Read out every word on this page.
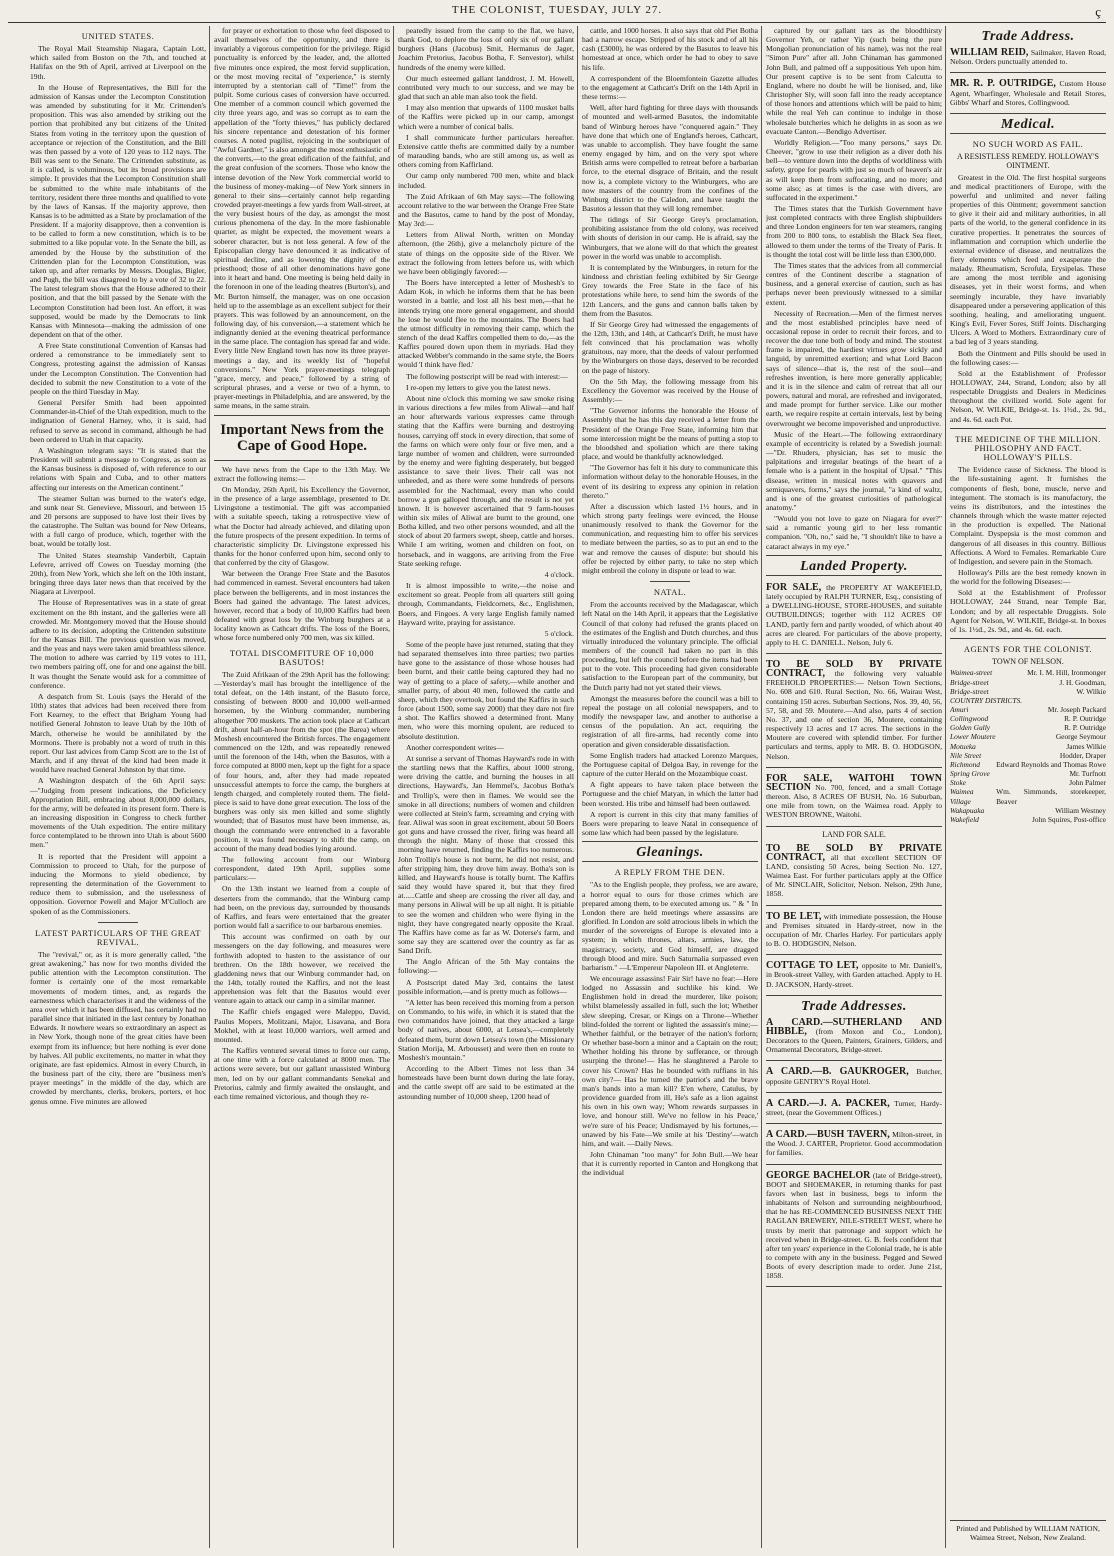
THE COLONIST, TUESDAY, JULY 27.	ç

UNITED STATES.

The Royal Mail Steamship Niagara, Captain Lott, which sailed from Boston on the 7th, and touched at Halifax on the 9th of April, arrived at Liverpool on the 19th.

In the House of Representatives, the Bill for the admission of Kansas under the Lecompton Constitution was amended by substituting for it Mr. Crittenden's proposition. This was also amended by striking out the portion that prohibited any but citizens of the United States from voting in the territory upon the question of acceptance or rejection of the Constitution, and the Bill was then passed by a vote of 120 yeas to 112 nays. The Bill was sent to the Senate. The Crittenden substitute, as it is called, is voluminous, but its broad provisions are simple. It provides that the Lecompton Constitution shall be submitted to the white male inhabitants of the territory, resident there three months and qualified to vote by the laws of Kansas. If the majority approve, then Kansas is to be admitted as a State by proclamation of the President. If a majority disapprove, then a convention is to be called to form a new constitution, which is to be submitted to a like popular vote. In the Senate the bill, as amended by the House by the substitution of the Crittenden plan for the Lecompton Constitution, was taken up, and after remarks by Messrs. Douglas, Bigler, and Pugh, the bill was disagreed to by a vote of 32 to 22. The latest telegram shows that the House adhered to their position, and that the bill passed by the Senate with the Lecompton Constitution had been lost. An effort, it was supposed, would be made by the Democrats to link Kansas with Minnesota—making the admission of one dependent on that of the other.

A Free State constitutional Convention of Kansas had ordered a remonstrance to be immediately sent to Congress, protesting against the admission of Kansas under the Lecompton Constitution. The Convention had decided to submit the new Constitution to a vote of the people on the third Tuesday in May.

General Persifer Smith had been appointed Commander-in-Chief of the Utah expedition, much to the indignation of General Harney, who, it is said, had refused to serve as second in command, although he had been ordered to Utah in that capacity.

A Washington telegram says: "It is stated that the President will submit a message to Congress, as soon as the Kansas business is disposed of, with reference to our relations with Spain and Cuba, and to other matters affecting our interests on the American continent."

The steamer Sultan was burned to the water's edge, and sunk near St. Genevieve, Missouri, and between 15 and 20 persons are supposed to have lost their lives by the catastrophe. The Sultan was bound for New Orleans, with a full cargo of produce, which, together with the boat, would be totally lost.

The United States steamship Vanderbilt, Captain Lefevre, arrived off Cowes on Tuesday morning (the 20th), from New York, which she left on the 10th instant, bringing three days later news than that received by the Niagara at Liverpool.

The House of Representatives was in a state of great excitement on the 8th instant, and the galleries were all crowded. Mr. Montgomery moved that the House should adhere to its decision, adopting the Crittenden substitute for the Kansas Bill. The previous question was moved, and the yeas and nays were taken amid breathless silence. The motion to adhere was carried by 119 votes to 111, two members pairing off, one for and one against the bill. It was thought the Senate would ask for a committee of conference.

A despatch from St. Louis (says the Herald of the 10th) states that advices had been received there from Fort Kearney, to the effect that Brigham Young had notified General Johnston to leave Utah by the 10th of March, otherwise he would be annihilated by the Mormons. There is probably not a word of truth in this report. Our last advices from Camp Scott are to the 1st of March, and if any threat of the kind had been made it would have reached General Johnston by that time.

A Washington despatch of the 6th April says:—"Judging from present indications, the Deficiency Appropriation Bill, embracing about 8,000,000 dollars, for the army, will be defeated in its present form. There is an increasing disposition in Congress to check further movements of the Utah expedition. The entire military force contemplated to be thrown into Utah is about 5600 men."

It is reported that the President will appoint a Commission to proceed to Utah, for the purpose of inducing the Mormons to yield obedience, by representing the determination of the Government to reduce them to submission, and the uselessness of opposition. Governor Powell and Major M'Culloch are spoken of as the Commissioners.

LATEST PARTICULARS OF THE GREAT REVIVAL.

The "revival," or, as it is more generally called, "the great awakening," has now for two months divided the public attention with the Lecompton constitution. The former is certainly one of the most remarkable movements of modern times, and, as regards the earnestness which characterises it and the wideness of the area over which it has been diffused, has certainly had no parallel since that initiated in the last century by Jonathan Edwards. It nowhere wears so extraordinary an aspect as in New York, though none of the great cities have been exempt from its influence; but here nothing is ever done by halves. All public excitements, no matter in what they originate, are fast epidemics. Almost in every Church, in the business part of the city, there are "business men's prayer meetings" in the middle of the day, which are crowded by merchants, clerks, brokers, porters, et hoc genus omne. Five minutes are allowed

for prayer or exhortation to those who feel disposed to avail themselves of the opportunity, and there is invariably a vigorous competition for the privilege. Rigid punctuality is enforced by the leader, and, the allotted five minutes once expired, the most fervid supplication, or the most moving recital of "experience," is sternly interrupted by a stentorian call of "Time!" from the pulpit. Some curious cases of conversion have occurred. One member of a common council which governed the city three years ago, and was so corrupt as to earn the appellation of the "forty thieves," has publicly declared his sincere repentance and detestation of his former courses. A noted pugilist, rejoicing in the soubriquet of "Awful Gardner," is also amongst the most enthusiastic of the converts,—to the great edification of the faithful, and the great confusion of the scorners. Those who know the intense devotion of the New York commercial world to the business of money-making—of New York sinners in general to their sins—certainly cannot help regarding crowded prayer-meetings a few yards from Wall-street, at the very busiest hours of the day, as amongst the most curious phenomena of the day. In the more fashionable quarter, as might be expected, the movement wears a soberer character, but is not less general. A few of the Episcopalian clergy have denounced it as indicative of spiritual decline, and as lowering the dignity of the priesthood; those of all other denominations have gone into it heart and hand. One meeting is being held daily in the forenoon in one of the leading theatres (Burton's), and Mr. Burton himself, the manager, was on one occasion held up to the assemblage as an excellent subject for their prayers. This was followed by an announcement, on the following day, of his conversion,—a statement which he indignantly denied at the evening theatrical performance in the same place. The contagion has spread far and wide. Every little New England town has now its three prayer-meetings a day, and its weekly list of "hopeful conversions." New York prayer-meetings telegraph "grace, mercy, and peace," followed by a string of scriptural phrases, and a verse or two of a hymn, to prayer-meetings in Philadelphia, and are answered, by the same means, in the same strain.

Important News from the Cape of Good Hope.

We have news from the Cape to the 13th May. We extract the following items:—

On Monday, 26th April, his Excellency the Governor, in the presence of a large assemblage, presented to Dr. Livingstone a testimonial. The gift was accompanied with a suitable speech, taking a retrospective view of what the Doctor had already achieved, and dilating upon the future prospects of the present expedition. In terms of characteristic simplicity Dr. Livingstone expressed his thanks for the honor conferred upon him, second only to that conferred by the city of Glasgow.

War between the Orange Free State and the Basutos had commenced in earnest. Several encounters had taken place between the belligerents, and in most instances the Boers had gained the advantage. The latest advices, however, record that a body of 10,000 Kaffirs had been defeated with great loss by the Winburg burghers at a locality known as Cathcart drifts. The loss of the Boers, whose force numbered only 700 men, was six killed.

TOTAL DISCOMFITURE OF 10,000 BASUTOS!

The Zuid Afrikaan of the 29th April has the following:—Yesterday's mail has brought the intelligence of the total defeat, on the 14th instant, of the Basuto force, consisting of between 8000 and 10,000 well-armed horsemen, by the Winburg commander, numbering altogether 700 muskets. The action took place at Cathcart drift, about half-an-hour from the spot (the Barea) where Moshesh encountered the British forces. The engagement commenced on the 12th, and was repeatedly renewed until the forenoon of the 14th, when the Basutos, with a force computed at 8000 men, kept up the fight for a space of four hours, and, after they had made repeated unsuccessful attempts to force the camp, the burghers at length charged, and completely routed them. The field-piece is said to have done great execution. The loss of the burghers was only six men killed and some slightly wounded; that of Basutos must have been immense, as, though the commando were entrenched in a favorable position, it was found necessary to shift the camp, on account of the many dead bodies lying around.

The following account from our Winburg correspondent, dated 19th April, supplies some particulars:—

On the 13th instant we learned from a couple of deserters from the commando, that the Winburg camp had been, on the previous day, surrounded by thousands of Kaffirs, and fears were entertained that the greater portion would fall a sacrifice to our barbarous enemies.

This account was confirmed on oath by our messengers on the day following, and measures were forthwith adopted to hasten to the assistance of our brethren. On the 18th however, we received the gladdening news that our Winburg commander had, on the 14th, totally routed the Kaffirs, and not the least apprehension was felt that the Basutos would ever venture again to attack our camp in a similar manner.

The Kaffir chiefs engaged were Maleppo, David, Paulus Mopers, Molitzani, Major, Lisavana, and Bora Mokhel, with at least 10,000 warriors, well armed and mounted.

The Kaffirs ventured several times to force our camp, at one time with a force calculated at 8000 men. The actions were severe, but our gallant unassisted Winburg men, led on by our gallant commandants Senekal and Pretorius, calmly and firmly awaited the onslaught, and each time remained victorious, and though they re-

peatedly issued from the camp to the flat, we have, thank God, to deplore the loss of only six of our gallant burghers (Hans (Jacobus) Smit, Hermanus de Jager, Joachim Pretorius, Jacobus Botha, F. Senvestor), whilst hundreds of the enemy were killed.

Our much esteemed gallant landdrost, J. M. Howell, contributed very much to our success, and we may be glad that such an able man also took the field.

I may also mention that upwards of 1100 musket balls of the Kaffirs were picked up in our camp, amongst which were a number of conical balls.

I shall communicate further particulars hereafter. Extensive cattle thefts are committed daily by a number of marauding bands, who are still among us, as well as others coming from Kaffirland.

Our camp only numbered 700 men, white and black included.

The Zuid Afrikaan of 6th May says:—The following account relative to the war between the Orange Free State and the Basutos, came to hand by the post of Monday, May 3rd:—

Letters from Aliwal North, written on Monday afternoon, (the 26th), give a melancholy picture of the state of things on the opposite side of the River. We extract the following from letters before us, with which we have been obligingly favored:—

The Boers have intercepted a letter of Moshesh's to Adam Kok, in which he informs them that he has been worsted in a battle, and lost all his best men,—that he intends trying one more general engagement, and should he lose he would flee to the mountains. The Boers had the utmost difficulty in removing their camp, which the stench of the dead Kaffirs compelled them to do,—as the Kaffirs poured down upon them in myriads. Had they attacked Webber's commando in the same style, the Boers would 'I think have fled.'

The following postscript will be read with interest:—

I re-open my letters to give you the latest news.

About nine o'clock this morning we saw smoke rising in various directions a few miles from Aliwal—and half an hour afterwards various expresses came through stating that the Kaffirs were burning and destroying houses, carrying off stock in every direction, that some of the farms on which were only four or five men, and a large number of women and children, were surrounded by the enemy and were fighting desperately, but begged assistance to save their lives. Their call was not unheeded, and as there were some hundreds of persons assembled for the Nachtmaal, every man who could borrow a gun galloped through, and the result is not yet known. It is however ascertained that 9 farm-houses within six miles of Aliwal are burnt to the ground, one Botha killed, and two other persons wounded, and all the stock of about 20 farmers swept, sheep, cattle and horses. While I am writing, women and children on foot, on horseback, and in waggons, are arriving from the Free State seeking refuge.

4 o'clock.

It is almost impossible to write,—the noise and excitement so great. People from all quarters still going through, Commandants, Fieldcornets, &c., Englishmen, Boers, and Fingoes. A very large English family named Hayward write, praying for assistance.

5 o'clock.

Some of the people have just returned, stating that they had separated themselves into three parties; two parties have gone to the assistance of those whose houses had been burnt, and their cattle being captured they had no way of getting to a place of safety,—while another and smaller party, of about 40 men, followed the cattle and sheep, which they overtook, but found the Kaffirs in such force (about 1500, some say 2000) that they dare not fire a shot. The Kaffirs showed a determined front. Many men, who were this morning opulent, are reduced to absolute destitution.

Another correspondent writes—

At sunrise a servant of Thomas Hayward's rode in with the startling news that the Kaffirs, about 1000 strong, were driving the cattle, and burning the houses in all directions, Hayward's, Jan Hemmel's, Jacobus Botha's and Trollip's, were then in flames. We would see the smoke in all directions; numbers of women and children were collected at Stein's farm, screaming and crying with fear. Aliwal was soon in great excitement, about 50 Boers got guns and have crossed the river, firing was heard all through the night. Many of those that crossed this morning have returned, finding the Kaffirs too numerous. John Trollip's house is not burnt, he did not resist, and after stripping him, they drove him away. Botha's son is killed, and Hayward's house is totally burnt. The Kaffirs said they would have spared it, but that they fired at......Cattle and sheep are crossing the river all day, and many persons in Aliwal will be up all night. It is pitiable to see the women and children who were flying in the night, they have congregated nearly opposite the Kraal. The Kaffirs have come as far as W. Doterse's farm, and some say they are scattered over the country as far as Sand Drift.

The Anglo African of the 5th May contains the following:—

A Postscript dated May 3rd, contains the latest possible information,—and is pretty much as follows—

"A letter has been received this morning from a person on Commando, to his wife, in which it is stated that the two commandos have joined, that they attacked a large body of natives, about 6000, at Letsea's,—completely defeated them, burnt down Letsea's town (the Missionary Station Morija, M. Arbousset) and were then en route to Moshesh's mountain."

According to the Albert Times not less than 34 homesteads have been burnt down during the late foray, and the cattle swept off are said to be estimated at the astounding number of 10,000 sheep, 1200 head of

cattle, and 1000 horses. It also says that old Piet Botha had a narrow escape. Stripped of his stock and of all his cash (£3000), he was ordered by the Basutos to leave his homestead at once, which order he had to obey to save his life.

A correspondent of the Bloemfontein Gazette alludes to the engagement at Cathcart's Drift on the 14th April in these terms:—

Well, after hard fighting for three days with thousands of mounted and well-armed Basutos, the indomitable band of Winburg heroes have "conquered again." They have done that which one of England's heroes, Cathcart, was unable to accomplish. They have fought the same enemy engaged by him, and on the very spot where British arms were compelled to retreat before a barbarian force, to the eternal disgrace of Britain, and the result now is, a complete victory to the Winburgers, who are now masters of the country from the confines of the Winburg district to the Caledon, and have taught the Basutos a lesson that they will long remember.

The tidings of Sir George Grey's proclamation, prohibiting assistance from the old colony, was received with shouts of derision in our camp. He is afraid, say the Winburgers, that we alone will do that which the greatest power in the world was unable to accomplish.

It is contemplated by the Winburgers, in return for the kindness and christian feeling exhibited by Sir George Grey towards the Free State in the face of his protestations while here, to send him the swords of the 12th Lancers, and the guns and cannon balls taken by them from the Basutos.

If Sir George Grey had witnessed the engagements of the 12th, 13th, and 14th, at Cathcart's Drift, he must have felt convinced that his proclamation was wholly gratuitous, nay more, that the deeds of valour performed by the Winburgers on those days, deserved to be recorded on the page of history.

On the 5th May, the following message from his Excellency the Governor was received by the House of Assembly:—

"The Governor informs the honorable the House of Assembly that he has this day received a letter from the President of the Orange Free State, informing him that some intercession might be the means of putting a stop to the bloodshed and spoliation which are there taking place, and would be thankfully acknowledged.

"The Governor has felt it his duty to communicate this information without delay to the honorable Houses, in the event of its desiring to express any opinion in relation thereto."

After a discussion which lasted 1½ hours, and in which strong party feelings were evinced, the House unanimously resolved to thank the Governor for the communication, and requesting him to offer his services to mediate between the parties, so as to put an end to the war and remove the causes of dispute: but should his offer be rejected by either party, to take no step which might embroil the colony in dispute or lead to war.

NATAL.

From the accounts received by the Madagascar, which left Natal on the 14th April, it appears that the Legislative Council of that colony had refused the grants placed on the estimates of the English and Dutch churches, and thus virtually introduced the voluntary principle. The official members of the council had taken no part in this proceeding, but left the council before the items had been put to the vote. This proceeding had given considerable satisfaction to the European part of the community, but the Dutch party had not yet stated their views.

Amongst the measures before the council was a bill to repeal the postage on all colonial newspapers, and to modify the newspaper law, and another to authorise a census of the population. An act, requiring the registration of all fire-arms, had recently come into operation and given considerable dissatisfaction.

Some English traders had attacked Lorenzo Marques, the Portuguese capital of Delgoa Bay, in revenge for the capture of the cutter Herald on the Mozambique coast.

A fight appears to have taken place between the Portuguese and the chief Matyan, in which the latter had been worsted. His tribe and himself had been outlawed.

A report is current in this city that many families of Boers were preparing to leave Natal in consequence of some law which had been passed by the legislature.

Gleanings.

A REPLY FROM THE DEN.

"As to the English people, they profess, we are aware, a horror equal to ours for those crimes which are prepared among them, to be executed among us. " & " In London there are held meetings where assassins are glorified. In London are sold atrocious libels in which the murder of the sovereigns of Europe is elevated into a system; in which thrones, altars, armies, law, the magistracy, society, and God himself, are dragged through blood and mire. Such Saturnalia surpassed even barbarism." —L'Empereur Napoleon III. et Angleterre.

We encourage assassins! Fair Sir! have no fear:—Here lodged no Assassin and suchlike his kind. We Englishmen hold in dread the murderer, like poison; whilst blamelessly assailed in full, such the lot; Whether slew sleeping, Cresar, or Kings on a Throne—Whether blind-folded the torrent or lighted the assassin's mine;— Whether faithful, or the betrayer of the nation's forlorn; Or whether base-born a minor and a Captain on the rout; Whether holding his throne by sufferance, or through usurping the throne!— Has he slaughtered a Parole to cover his Crown? Has he bounded with ruffians in his own city?— Has he turned the patriot's and the brave man's bands into a man kill? E'en where, Catulus, by providence guarded from ill, He's safe as a lion against his own in his own way; Whom rewards surpasses in love, and honour still. We've no fellow in his Peace,' we're sure of his Peace; Undismayed by his fortunes,—unawed by his Fate—We smile at his 'Destiny'—watch him, and wait. —Daily News.

John Chinaman "too many" for John Bull.—We hear that it is currently reported in Canton and Hongkong that the individual

captured by our gallant tars as the bloodthirsty Governor Yeh, or rather Yip (such being the pure Mongolian pronunciation of his name), was not the real "Simon Pure" after all. John Chinaman has gammoned John Bull, and palmed off a suppositious Yeh upon him. Our present captive is to be sent from Calcutta to England, where no doubt he will be lionised, and, like Christopher Sly, will soon fall into the ready acceptance of those honors and attentions which will be paid to him; while the real Yeh can continue to indulge in those wholesale butcheries which he delights in as soon as we evacuate Canton.—Bendigo Advertiser.

Worldly Religion.—"Too many persons," says Dr. Cheever, "grow to use their religion as a diver doth his bell—to venture down into the depths of worldliness with safety, grope for pearls with just so much of heaven's air as will keep them from suffocating, and no more; and some also; as at times is the case with divers, are suffocated in the experiment."

The Times states that the Turkish Government have just completed contracts with three English shipbuilders and three London engineers for ten war steamers, ranging from 200 to 800 tons, to establish the Black Sea fleet, allowed to them under the terms of the Treaty of Paris. It is thought the total cost will be little less than £300,000.

The Times states that the advices from all commercial centres of the Continent describe a stagnation of business, and a general exercise of caution, such as has perhaps never been previously witnessed to a similar extent.

Necessity of Recreation.—Men of the firmest nerves and the most established principles have need of occasional repose in order to recruit their forces, and to recover the due tone both of body and mind. The stoutest frame is impaired, the hardiest virtues grow sickly and languid, by unremitted exertion; and what Lord Bacon says of silence—that is, the rest of the soul—and refreshes invention, is here more generally applicable; and it is in the silence and calm of retreat that all our powers, natural and moral, are refreshed and invigorated, and made prompt for further service. Like our mother earth, we require respite at certain intervals, lest by being overwrought we become impoverished and unproductive.

Music of the Heart.—The following extraordinary example of eccentricity is related by a Swedish journal:—"Dr. Rhuders, physician, has set to music the palpitations and irregular beatings of the heart of a female who is a patient in the hospital of Upsal." "This disease, written in musical notes with quavers and semiquavers, forms," says the journal, "a kind of waltz, and is one of the greatest curiosities of pathological anatomy."

"Would you not love to gaze on Niagara for ever?" said a romantic young girl to her less romantic companion. "Oh, no," said he, "I shouldn't like to have a cataract always in my eye."

Landed Property.

FOR SALE, the PROPERTY AT WAKEFIELD, lately occupied by RALPH TURNER, Esq., consisting of a DWELLING-HOUSE, STORE-HOUSES, and suitable OUTBUILDINGS; together with 112 ACRES OF LAND, partly fern and partly wooded, of which about 40 acres are cleared. For particulars of the above property, apply to H. C. DANIELL. Nelson, July 6.

TO BE SOLD BY PRIVATE CONTRACT, the following very valuable FREEHOLD PROPERTIES:— Nelson Town Sections, No. 608 and 610. Rural Section, No. 66, Wairau West, containing 150 acres. Suburban Sections, Nos. 39, 40, 56, 57, 58, and 59. Moutere.—And also, parts 4 of section No. 37, and one of section 36, Moutere, containing respectively 13 acres and 17 acres. The sections in the Moutere are covered with splendid timber. For further particulars and terms, apply to MR. B. O. HODGSON, Nelson.

FOR SALE, WAITOHI TOWN SECTION No. 700, fenced, and a small Cottage thereon. Also, 8 ACRES OF BUSH, No. 16 Suburban, one mile from town, on the Waimea road. Apply to WESTON BROWNE, Waitohi.

LAND FOR SALE.

TO BE SOLD BY PRIVATE CONTRACT, all that excellent SECTION OF LAND, consisting 50 Acres, being Section No. 127, Waimea East. For further particulars apply at the Office of Mr. SINCLAIR, Solicitor, Nelson. Nelson, 29th June, 1858.

TO BE LET, with immediate possession, the House and Premises situated in Hardy-street, now in the occupation of Mr. Charles Harley. For particulars apply to B. O. HODGSON, Nelson.

COTTAGE TO LET, opposite to Mr. Daniell's, in Brook-street Valley, with Garden attached. Apply to H. D. JACKSON, Hardy-street.

Trade Addresses.

A CARD.—SUTHERLAND AND HIBBLE, (from Moxon and Co., London), Decorators to the Queen, Painters, Grainers, Gilders, and Ornamental Decorators, Bridge-street.

A CARD.—B. GAUKROGER, Butcher, opposite GENTRY'S Royal Hotel.

A CARD.—J. A. PACKER, Turner, Hardy-street, (near the Government Offices.)

A CARD.—BUSH TAVERN, Milton-street, in the Wood. J. CARTER, Proprietor. Good accommodation for families.

GEORGE BACHELOR (late of Bridge-street), BOOT and SHOEMAKER, in returning thanks for past favors when last in business, begs to inform the inhabitants of Nelson and surrounding neighbourhood, that he has RE-COMMENCED BUSINESS NEXT THE RAGLAN BREWERY, NILE-STREET WEST, where he trusts by merit that patronage and support which he received when in Bridge-street. G. B. feels confident that after ten years' experience in the Colonial trade, he is able to compete with any in the business. Pegged and Sewed Boots of every description made to order. June 21st, 1858.

Trade Address.

WILLIAM REID, Sailmaker, Haven Road, Nelson. Orders punctually attended to.

MR. R. P. OUTRIDGE, Custom House Agent, Wharfinger, Wholesale and Retail Stores, Gibbs' Wharf and Stores, Collingwood.

Medical.

NO SUCH WORD AS FAIL.

A RESISTLESS REMEDY. HOLLOWAY'S OINTMENT.

Greatest in the Old. The first hospital surgeons and medical practitioners of Europe, with the powerful and unlimited and never failing properties of this Ointment; government sanction to give it their aid and military authorities, in all parts of the world, to the general confidence in its curative properties. It penetrates the sources of inflammation and corruption which underlie the external evidence of disease, and neutralizes the fiery elements which feed and exasperate the malady. Rheumatism, Scrofula, Erysipelas. These are among the most terrible and agonising diseases, yet in their worst forms, and when seemingly incurable, they have invariably disappeared under a persevering application of this soothing, healing, and ameliorating unguent. King's Evil, Fever Sores, Stiff Joints. Discharging Ulcers. A Word to Mothers. Extraordinary cure of a bad leg of 3 years standing.

Both the Ointment and Pills should be used in the following cases:—

Sold at the Establishment of Professor HOLLOWAY, 244, Strand, London; also by all respectable Druggists and Dealers in Medicines throughout the civilized world. Sole agent for Nelson, W. WILKIE, Bridge-st. 1s. 1½d., 2s. 9d., and 4s. 6d. each Pot.

THE MEDICINE OF THE MILLION. PHILOSOPHY AND FACT. HOLLOWAY'S PILLS.

The Evidence cause of Sickness. The blood is the life-sustaining agent. It furnishes the components of flesh, bone, muscle, nerve and integument. The stomach is its manufactory, the veins its distributors, and the intestines the channels through which the waste matter rejected in the production is expelled. The National Complaint. Dyspepsia is the most common and dangerous of all diseases in this country. Billious Affections. A Word to Females. Remarkable Cure of Indigestion, and severe pain in the Stomach.

Holloway's Pills are the best remedy known in the world for the following Diseases:—

Sold at the Establishment of Professor HOLLOWAY, 244 Strand, near Temple Bar, London; and by all respectable Druggists. Sole Agent for Nelson, W. WILKIE, Bridge-st. In boxes of 1s. 1½d., 2s. 9d., and 4s. 6d. each.

AGENTS FOR THE COLONIST.

TOWN OF NELSON.

Waimea-street	Mr. I. M. Hill, Ironmonger
Bridge-street	J. H. Goodman,
Bridge-street	W. Wilkie
COUNTRY DISTRICTS.
Amuri	Mr. Joseph Packard
Collingwood	R. P. Outridge
Golden Gully	R. P. Outridge
Lower Moutere	George Seymour
Motueka	James Wilkie
Nile Street	Hodder, Draper
Richmond Edward Reynolds and Thomas Rowe
Spring Grove	Mr. Turfnott
Stoke	John Palmer
Waimea Village
Wm. Simmonds, storekeeper, Beaver
Wakapuaka	William Westney
Wakefield	John Squires, Post-office
Printed and Published by WILLIAM NATION, Waimea Street, Nelson, New Zealand.
